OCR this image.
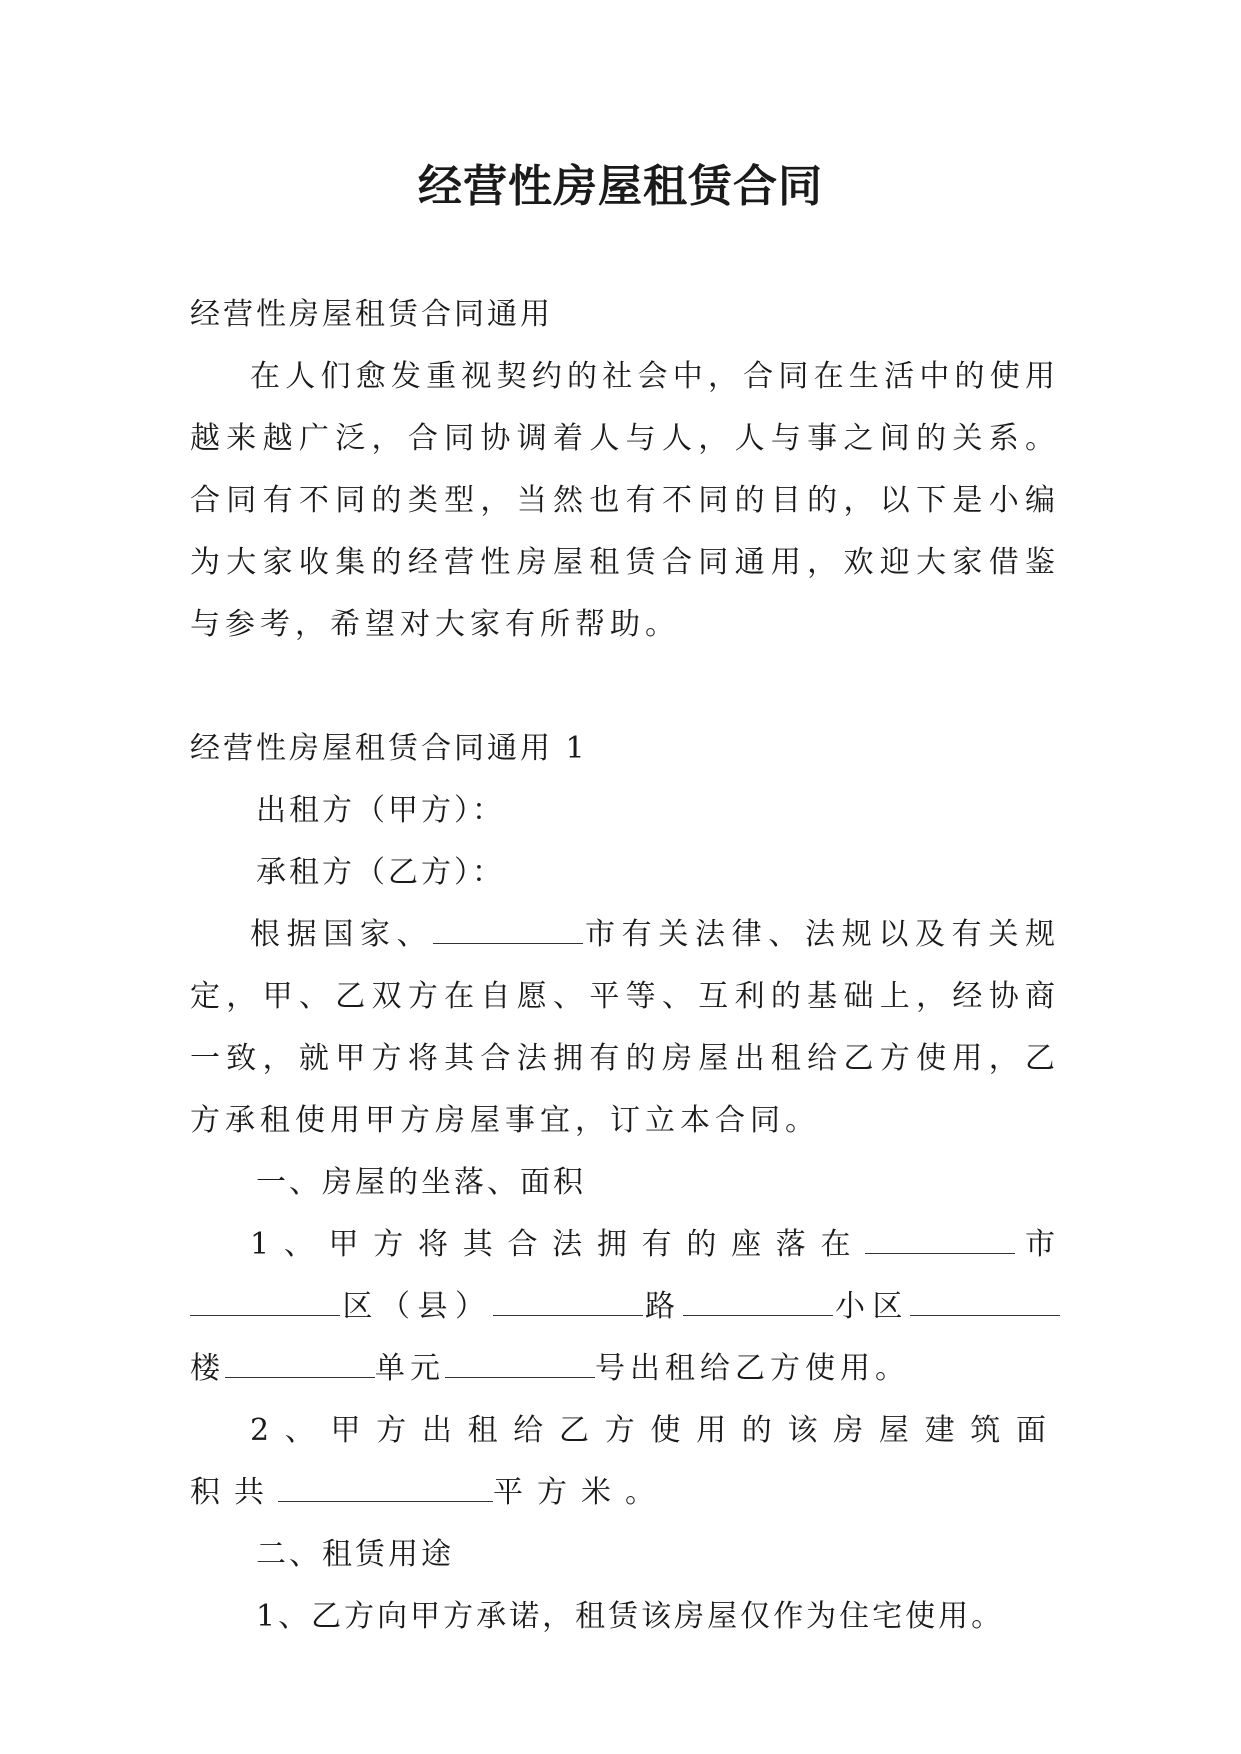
经营性房屋租赁合同

经营性房屋租赁合同通用

在人们愈发重视契约的社会中，合同在生活中的使用越来越广泛，合同协调着人与人，人与事之间的关系。合同有不同的类型，当然也有不同的目的，以下是小编为大家收集的经营性房屋租赁合同通用，欢迎大家借鉴与参考，希望对大家有所帮助。

经营性房屋租赁合同通用 1

出租方（甲方）：

承租方（乙方）：

根据国家、	市有关法律、法规以及有关规定，甲、乙双方在自愿、平等、互利的基础上，经协商一致，就甲方将其合法拥有的房屋出租给乙方使用，乙方承租使用甲方房屋事宜，订立本合同。

一、房屋的坐落、面积

1、甲方将其合法拥有的座落在	市区（县）	路	小区楼	单元	号出租给乙方使用。

2、甲方出租给乙方使用的该房屋建筑面积共	平方米。

二、租赁用途

1、乙方向甲方承诺，租赁该房屋仅作为住宅使用。
